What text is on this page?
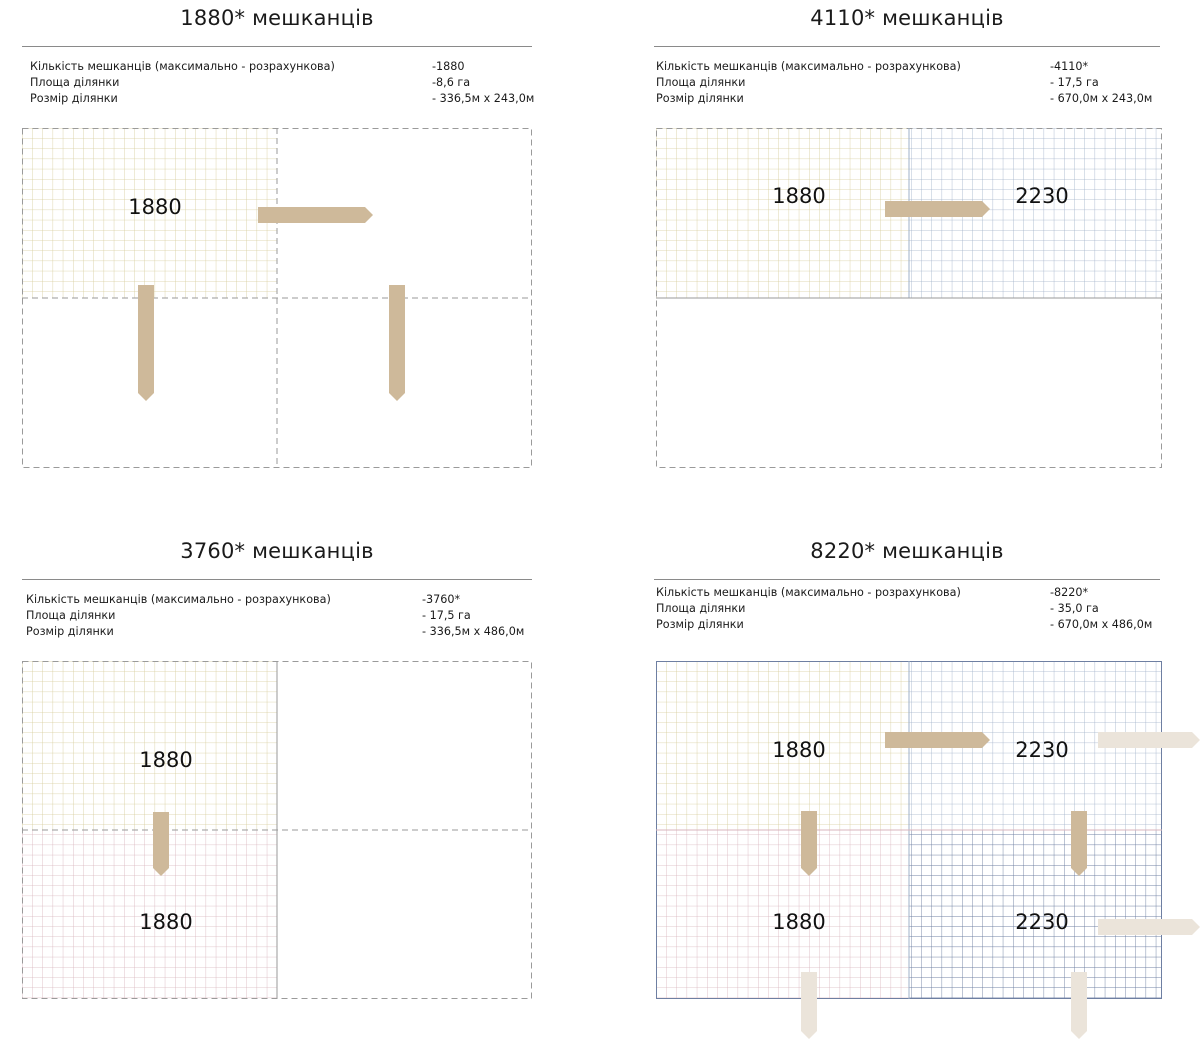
1880* мешканців
Кількість мешканців (максимально - розрахункова)	-1880
Площа ділянки	-8,6 га
Розмір ділянки	- 336,5м х 243,0м
1880
4110* мешканців
Кількість мешканців (максимально - розрахункова)	-4110*
Площа ділянки	- 17,5 га
Розмір ділянки	- 670,0м х 243,0м
1880	2230
3760* мешканців
Кількість мешканців (максимально - розрахункова)	-3760*
Площа ділянки	- 17,5 га
Розмір ділянки	- 336,5м х 486,0м
1880
1880
8220* мешканців
Кількість мешканців (максимально - розрахункова)	-8220*
Площа ділянки	- 35,0 га
Розмір ділянки	- 670,0м х 486,0м
1880	2230
1880	2230
